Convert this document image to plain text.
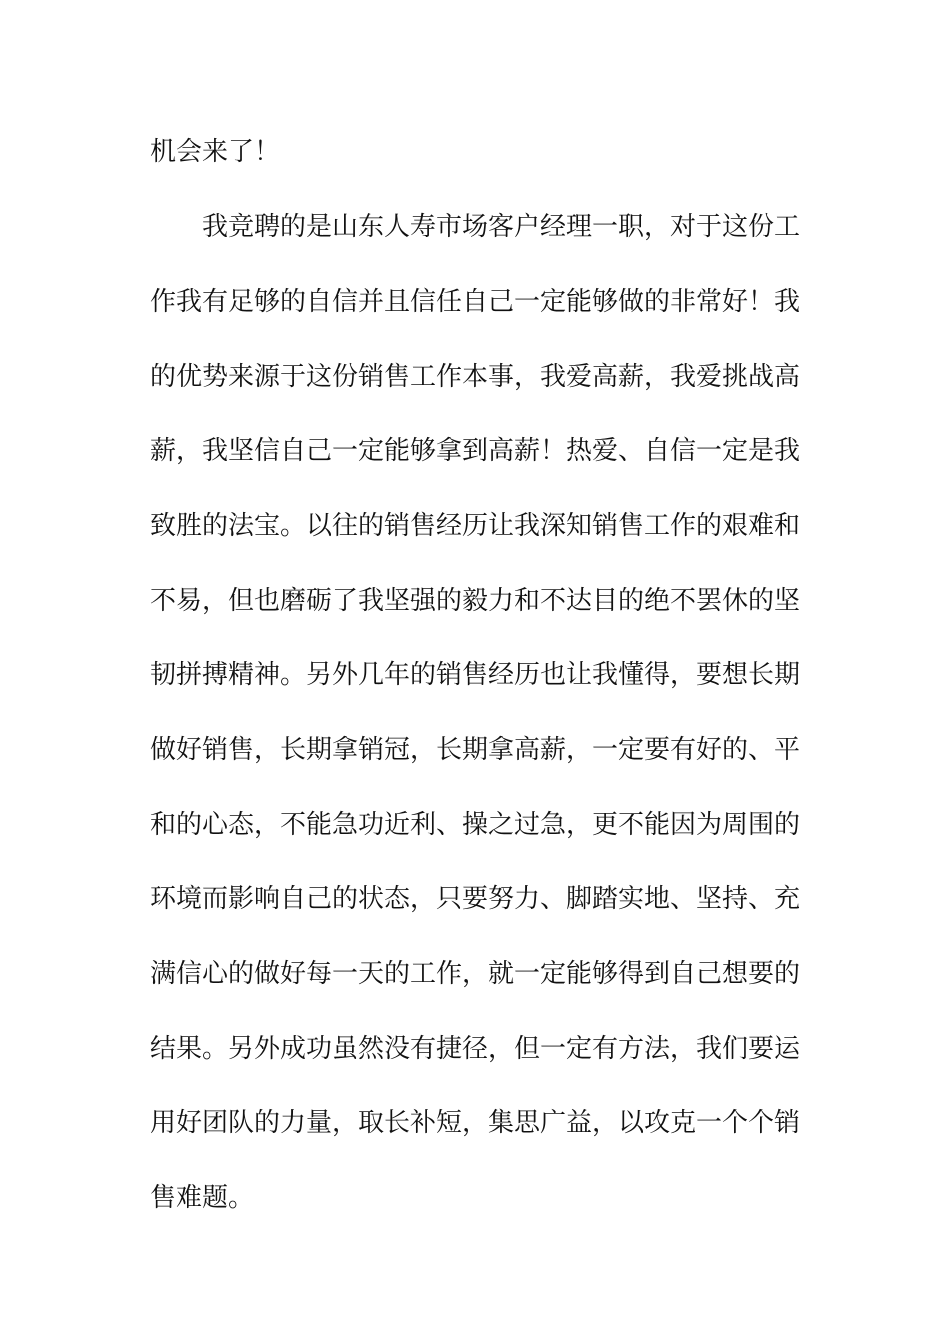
机会来了！
我竞聘的是山东人寿市场客户经理一职，对于这份工
作我有足够的自信并且信任自己一定能够做的非常好！我
的优势来源于这份销售工作本事，我爱高薪，我爱挑战高
薪，我坚信自己一定能够拿到高薪！热爱、自信一定是我
致胜的法宝。以往的销售经历让我深知销售工作的艰难和
不易，但也磨砺了我坚强的毅力和不达目的绝不罢休的坚
韧拼搏精神。另外几年的销售经历也让我懂得，要想长期
做好销售，长期拿销冠，长期拿高薪，一定要有好的、平
和的心态，不能急功近利、操之过急，更不能因为周围的
环境而影响自己的状态，只要努力、脚踏实地、坚持、充
满信心的做好每一天的工作，就一定能够得到自己想要的
结果。另外成功虽然没有捷径，但一定有方法，我们要运
用好团队的力量，取长补短，集思广益，以攻克一个个销
售难题。
